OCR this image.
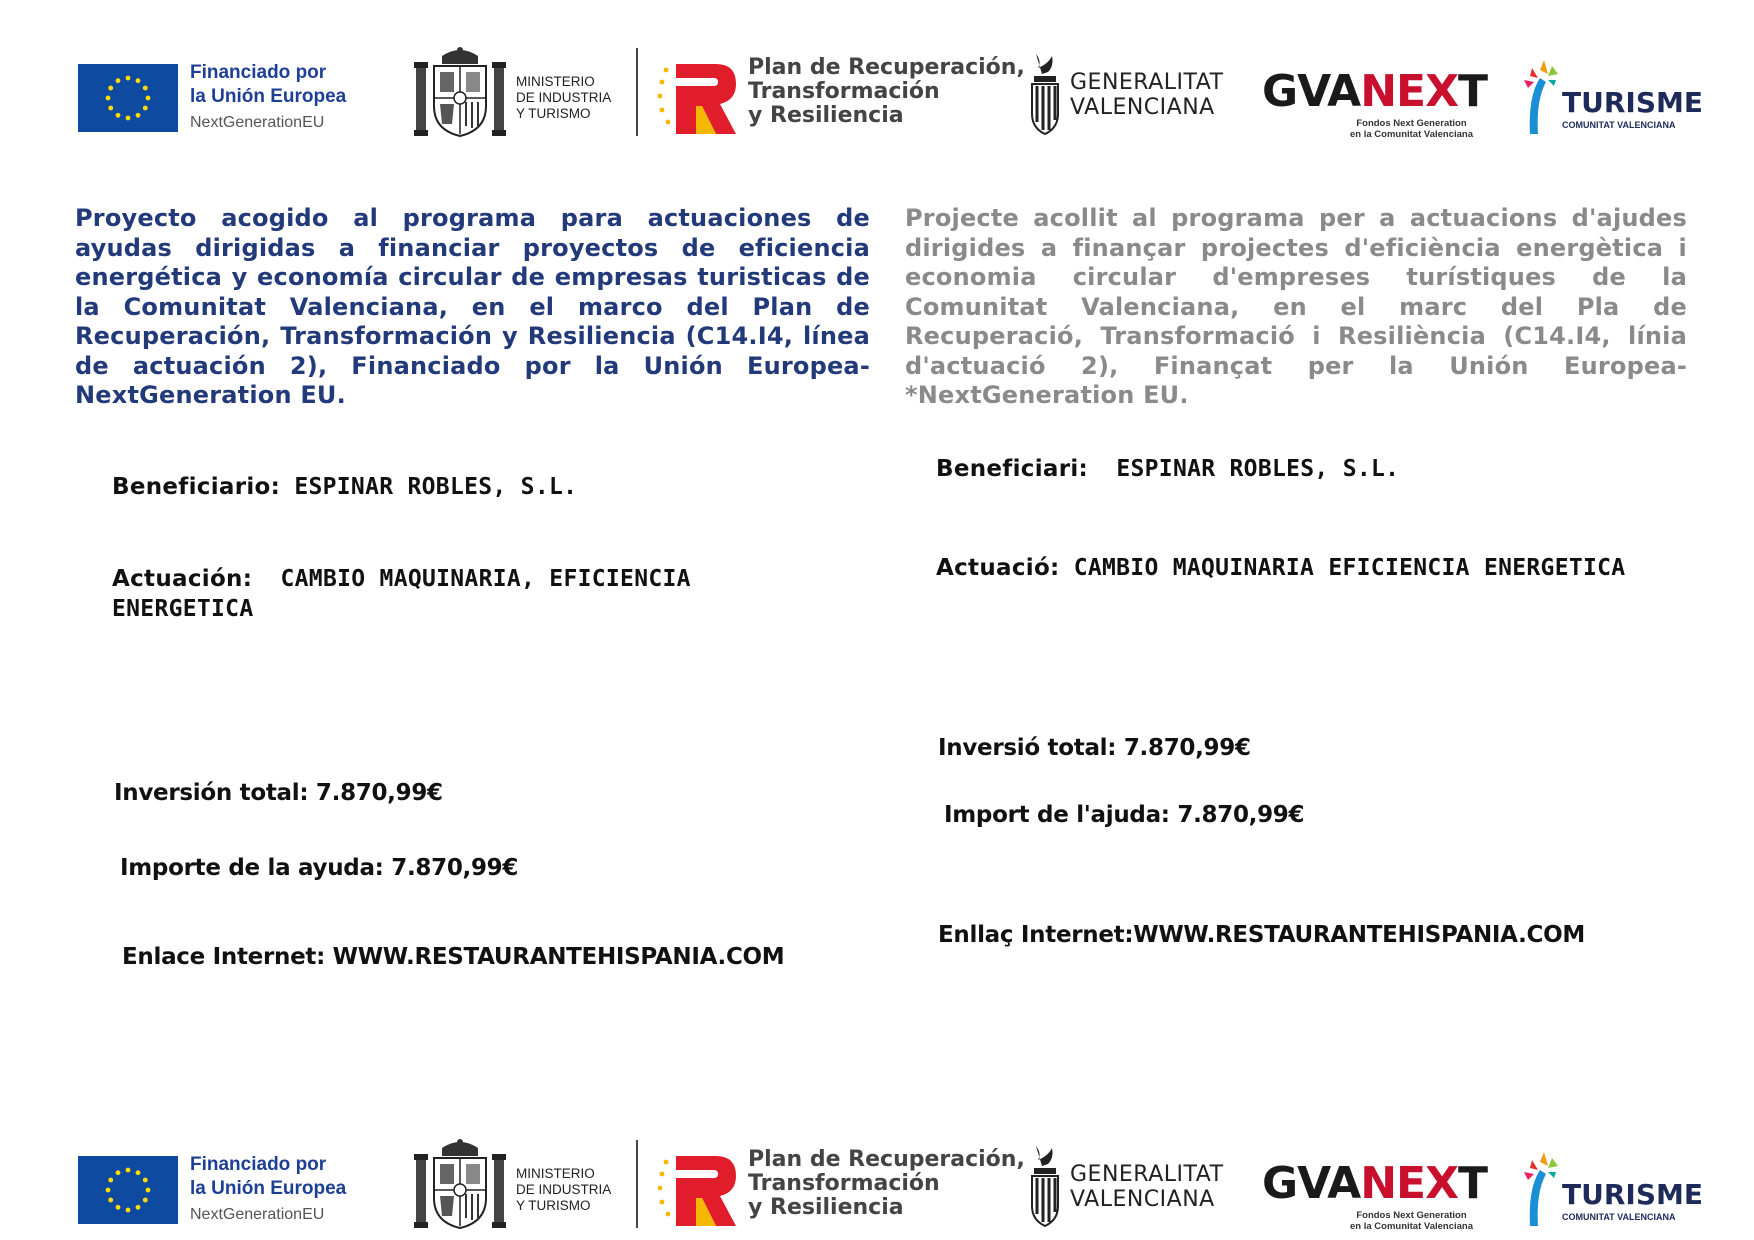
Financiado por
la Unión Europea
NextGenerationEU
MINISTERIO
DE INDUSTRIA
Y TURISMO
Plan de Recuperación,
Transformación
y Resiliencia
GENERALITAT
VALENCIANA GVANEXT
Fondos Next Generation
en la Comunitat Valenciana
TURISME
COMUNITAT VALENCIANA
Financiado por
la Unión Europea
NextGenerationEU
MINISTERIO
DE INDUSTRIA
Y TURISMO
Plan de Recuperación,
Transformación
y Resiliencia
GENERALITAT
VALENCIANA GVANEXT
Fondos Next Generation
en la Comunitat Valenciana
TURISME
COMUNITAT VALENCIANA
Proyecto acogido al programa para actuaciones de ayudas dirigidas a financiar proyectos de eficiencia energética y economía circular de empresas turisticas de la Comunitat Valenciana, en el marco del Plan de Recuperación, Transformación y Resiliencia (C14.I4, línea de actuación 2), Financiado por la Unión Europea- NextGeneration EU.
Beneficiario: ESPINAR ROBLES, S.L.
Actuación: CAMBIO MAQUINARIA, EFICIENCIA
ENERGETICA
Inversión total: 7.870,99€
Importe de la ayuda: 7.870,99€
Enlace Internet: WWW.RESTAURANTEHISPANIA.COM
Projecte acollit al programa per a actuacions d'ajudes dirigides a finançar projectes d'eficiència energètica i economia circular d'empreses turístiques de la Comunitat Valenciana, en el marc del Pla de Recuperació, Transformació i Resiliència (C14.I4, línia d'actuació 2), Finançat per la Unión Europea- *NextGeneration EU.
Beneficiari: ESPINAR ROBLES, S.L.
Actuació: CAMBIO MAQUINARIA EFICIENCIA ENERGETICA
Inversió total: 7.870,99€
Import de l'ajuda: 7.870,99€
Enllaç Internet:WWW.RESTAURANTEHISPANIA.COM
